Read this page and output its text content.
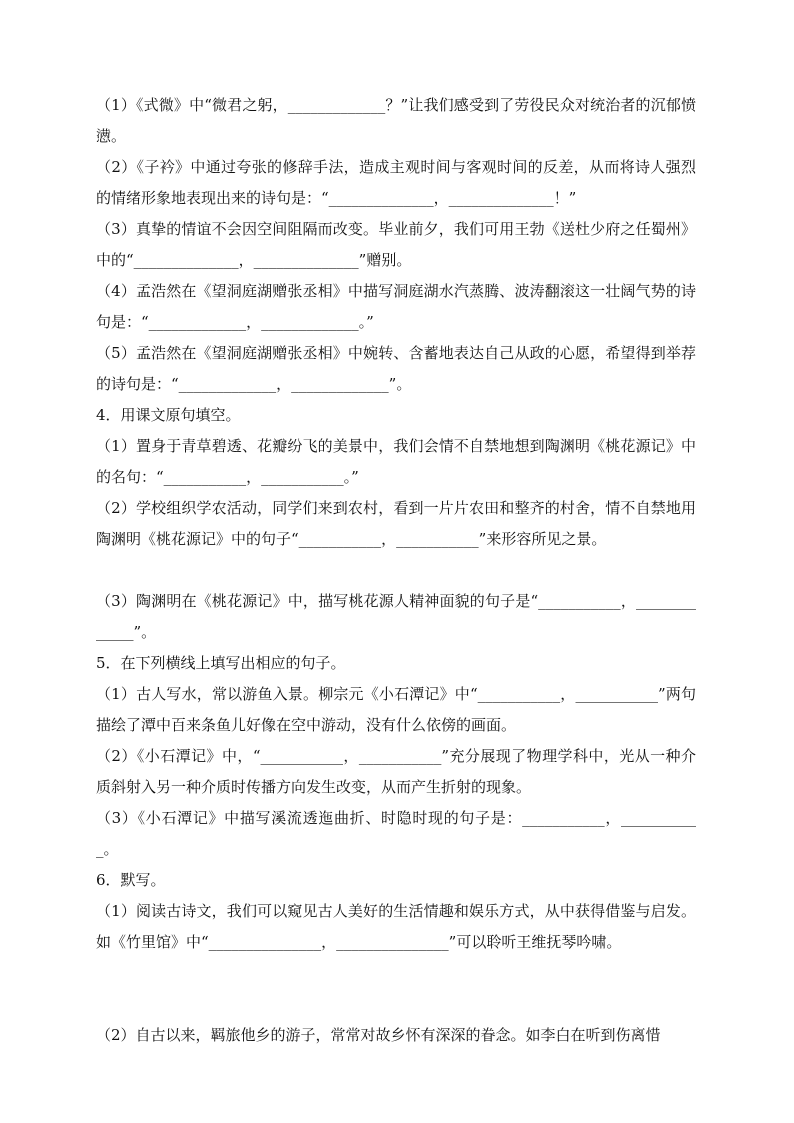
（1）《式微》中“微君之躬，_____________？”让我们感受到了劳役民众对统治者的沉郁愤懑。

（2）《子衿》中通过夸张的修辞手法，造成主观时间与客观时间的反差，从而将诗人强烈的情绪形象地表现出来的诗句是：“______________，______________！”

（3）真挚的情谊不会因空间阻隔而改变。毕业前夕，我们可用王勃《送杜少府之任蜀州》中的“______________，______________”赠别。

（4）孟浩然在《望洞庭湖赠张丞相》中描写洞庭湖水汽蒸腾、波涛翻滚这一壮阔气势的诗句是：“_____________，_____________。”

（5）孟浩然在《望洞庭湖赠张丞相》中婉转、含蓄地表达自己从政的心愿，希望得到举荐的诗句是：“_____________，_____________”。

4．用课文原句填空。

（1）置身于青草碧透、花瓣纷飞的美景中，我们会情不自禁地想到陶渊明《桃花源记》中的名句：“___________，___________。”

（2）学校组织学农活动，同学们来到农村，看到一片片农田和整齐的村舍，情不自禁地用陶渊明《桃花源记》中的句子“___________，___________”来形容所见之景。

（3）陶渊明在《桃花源记》中，描写桃花源人精神面貌的句子是“___________，_____________”。

5．在下列横线上填写出相应的句子。

（1）古人写水，常以游鱼入景。柳宗元《小石潭记》中“___________，___________”两句描绘了潭中百来条鱼儿好像在空中游动，没有什么依傍的画面。

（2）《小石潭记》中，“___________，___________”充分展现了物理学科中，光从一种介质斜射入另一种介质时传播方向发生改变，从而产生折射的现象。

（3）《小石潭记》中描写溪流透迤曲折、时隐时现的句子是：___________，___________。

6．默写。

（1）阅读古诗文，我们可以窥见古人美好的生活情趣和娱乐方式，从中获得借鉴与启发。如《竹里馆》中“_______________，_______________”可以聆听王维抚琴吟啸。

（2）自古以来，羁旅他乡的游子，常常对故乡怀有深深的眷念。如李白在听到伤离惜
